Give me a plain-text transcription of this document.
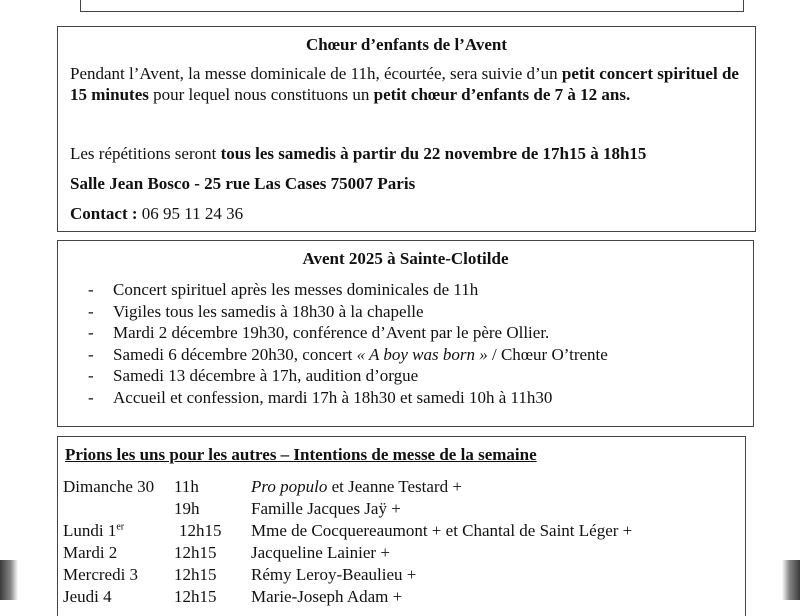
Chœur d’enfants de l’Avent
Pendant l’Avent, la messe dominicale de 11h, écourtée, sera suivie d’un petit concert spirituel de 15 minutes pour lequel nous constituons un petit chœur d’enfants de 7 à 12 ans.
Les répétitions seront tous les samedis à partir du 22 novembre de 17h15 à 18h15
Salle Jean Bosco - 25 rue Las Cases 75007 Paris
Contact : 06 95 11 24 36
Avent 2025 à Sainte-Clotilde
- Concert spirituel après les messes dominicales de 11h
- Vigiles tous les samedis à 18h30 à la chapelle
- Mardi 2 décembre 19h30, conférence d’Avent par le père Ollier.
- Samedi 6 décembre 20h30, concert « A boy was born » / Chœur O’trente
- Samedi 13 décembre à 17h, audition d’orgue
- Accueil et confession, mardi 17h à 18h30 et samedi 10h à 11h30
Prions les uns pour les autres – Intentions de messe de la semaine
Dimanche 30 11h	Pro populo et Jeanne Testard +
19h	Famille Jacques Jaÿ +
Lundi 1er	12h15 Mme de Cocquereaumont + et Chantal de Saint Léger +
Mardi 2	12h15 Jacqueline Lainier +
Mercredi 3 12h15 Rémy Leroy-Beaulieu +
Jeudi 4	12h15 Marie-Joseph Adam +
